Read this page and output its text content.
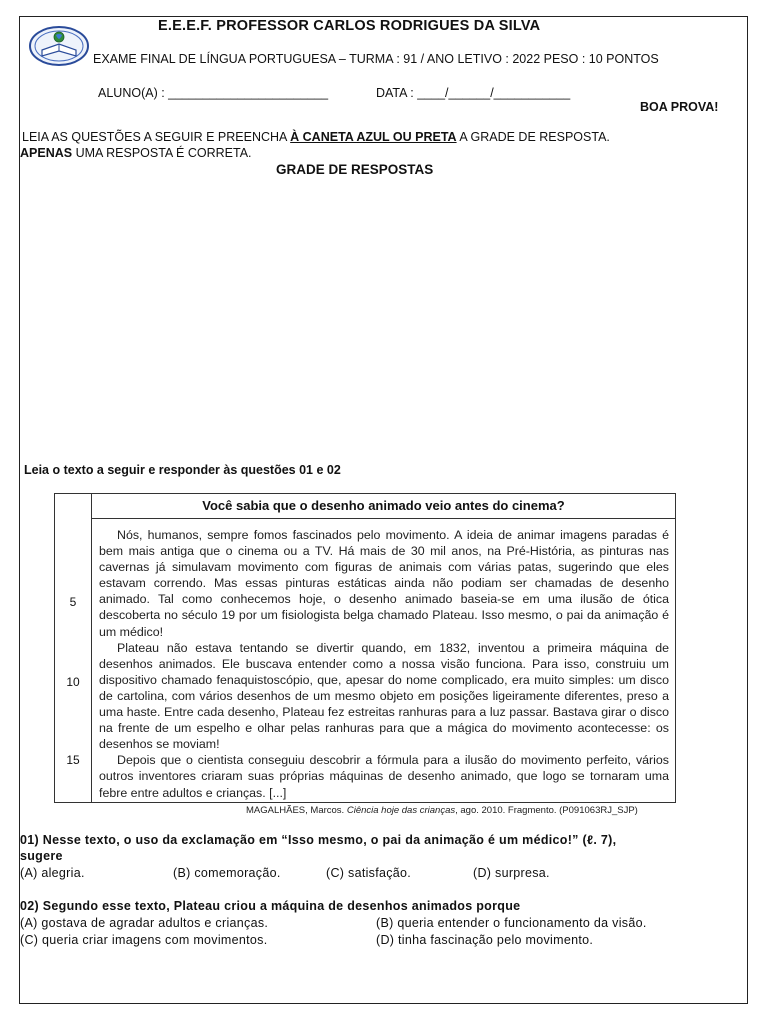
E.E.E.F. PROFESSOR CARLOS RODRIGUES DA SILVA
EXAME FINAL DE LÍNGUA PORTUGUESA – TURMA : 91 / ANO LETIVO : 2022 PESO : 10 PONTOS
ALUNO(A) : _______________________	DATA : ____/______/___________
BOA PROVA!
LEIA AS QUESTÕES A SEGUIR E PREENCHA À CANETA AZUL OU PRETA A GRADE DE RESPOSTA.
APENAS UMA RESPOSTA É CORRETA.
GRADE DE RESPOSTAS
Leia o texto a seguir e responder às questões 01 e 02
Você sabia que o desenho animado veio antes do cinema?
5
10
15

Nós, humanos, sempre fomos fascinados pelo movimento. A ideia de animar imagens paradas é bem mais antiga que o cinema ou a TV. Há mais de 30 mil anos, na Pré-História, as pinturas nas cavernas já simulavam movimento com figuras de animais com várias patas, sugerindo que eles estavam correndo. Mas essas pinturas estáticas ainda não podiam ser chamadas de desenho animado. Tal como conhecemos hoje, o desenho animado baseia-se em uma ilusão de ótica descoberta no século 19 por um fisiologista belga chamado Plateau. Isso mesmo, o pai da animação é um médico!

Plateau não estava tentando se divertir quando, em 1832, inventou a primeira máquina de desenhos animados. Ele buscava entender como a nossa visão funciona. Para isso, construiu um dispositivo chamado fenaquistoscópio, que, apesar do nome complicado, era muito simples: um disco de cartolina, com vários desenhos de um mesmo objeto em posições ligeiramente diferentes, preso a uma haste. Entre cada desenho, Plateau fez estreitas ranhuras para a luz passar. Bastava girar o disco na frente de um espelho e olhar pelas ranhuras para que a mágica do movimento acontecesse: os desenhos se moviam!

Depois que o cientista conseguiu descobrir a fórmula para a ilusão do movimento perfeito, vários outros inventores criaram suas próprias máquinas de desenho animado, que logo se tornaram uma febre entre adultos e crianças. [...]

MAGALHÃES, Marcos. Ciência hoje das crianças, ago. 2010. Fragmento. (P091063RJ_SJP)
01) Nesse texto, o uso da exclamação em “Isso mesmo, o pai da animação é um médico!” (ℓ. 7),
sugere
(A) alegria.	(B) comemoração.	(C) satisfação.	(D) surpresa.
02) Segundo esse texto, Plateau criou a máquina de desenhos animados porque
(A) gostava de agradar adultos e crianças.	(B) queria entender o funcionamento da visão.
(C) queria criar imagens com movimentos.	(D) tinha fascinação pelo movimento.
